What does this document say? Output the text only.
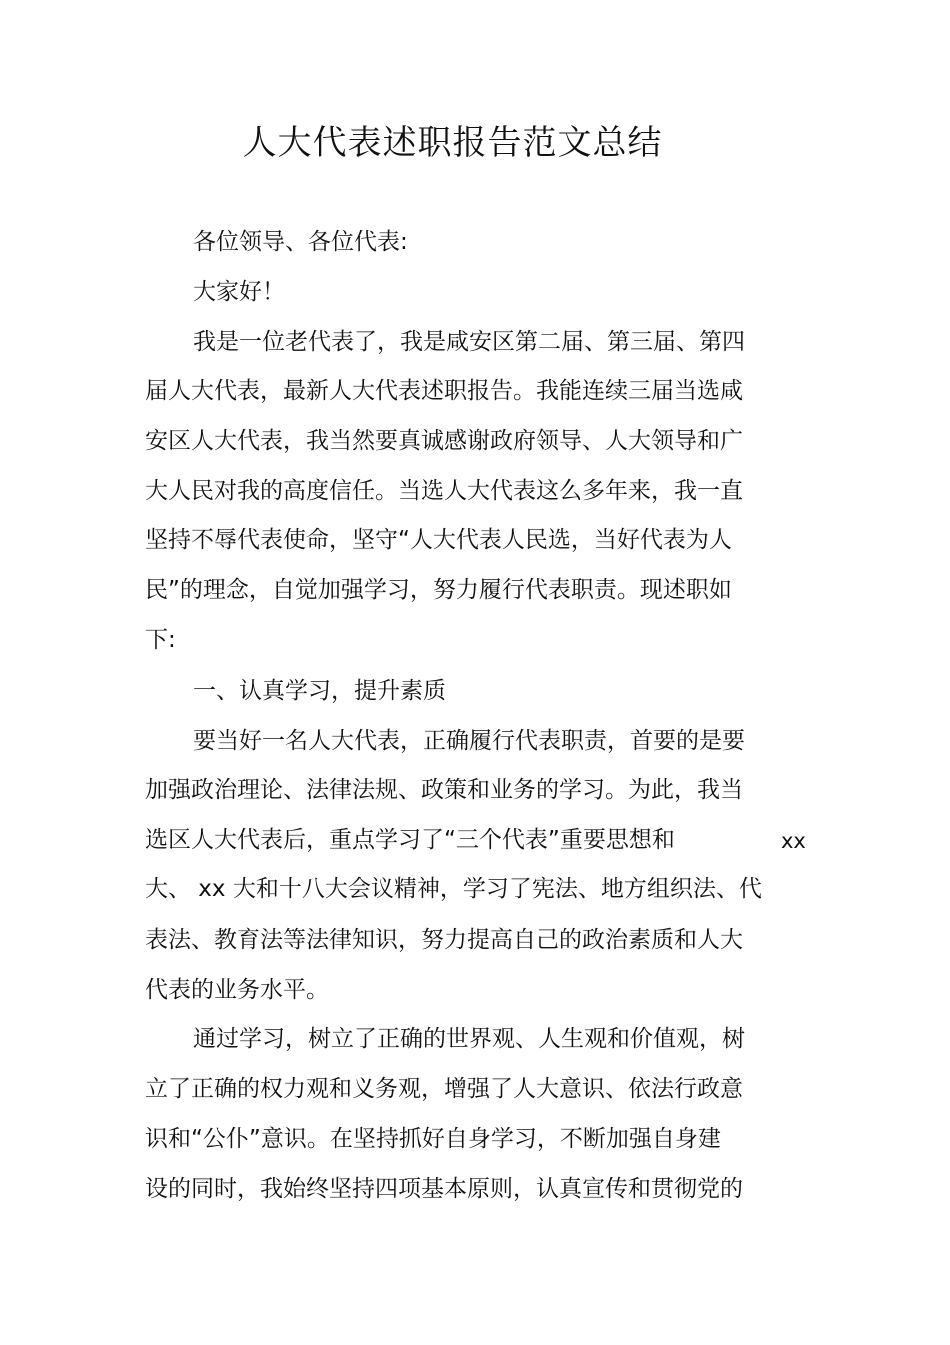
人大代表述职报告范文总结
各位领导、各位代表:
大家好！
我是一位老代表了，我是咸安区第二届、第三届、第四
届人大代表，最新人大代表述职报告。我能连续三届当选咸
安区人大代表，我当然要真诚感谢政府领导、人大领导和广
大人民对我的高度信任。当选人大代表这么多年来，我一直
坚持不辱代表使命，坚守“人大代表人民选，当好代表为人
民”的理念，自觉加强学习，努力履行代表职责。现述职如
下:
一、认真学习，提升素质
要当好一名人大代表，正确履行代表职责，首要的是要
加强政治理论、法律法规、政策和业务的学习。为此，我当
选区人大代表后，重点学习了“三个代表”重要思想和	xx
大、 xx 大和十八大会议精神，学习了宪法、地方组织法、代
表法、教育法等法律知识，努力提高自己的政治素质和人大
代表的业务水平。
通过学习，树立了正确的世界观、人生观和价值观，树
立了正确的权力观和义务观，增强了人大意识、依法行政意
识和“公仆”意识。在坚持抓好自身学习，不断加强自身建
设的同时，我始终坚持四项基本原则，认真宣传和贯彻党的
